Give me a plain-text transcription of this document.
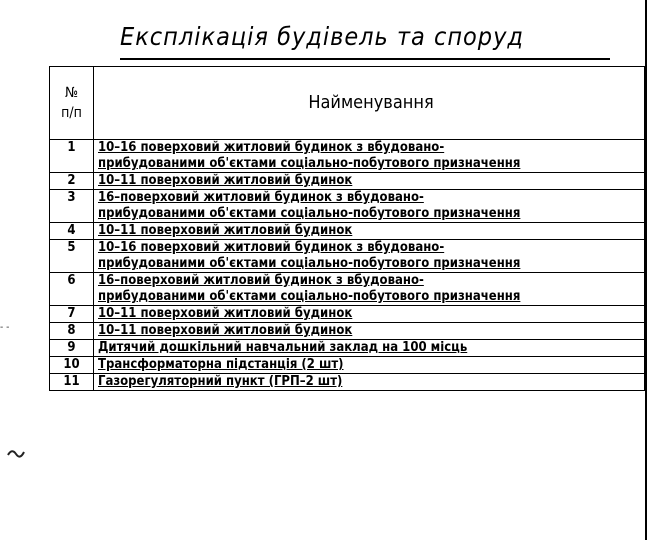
Експлікація будівель та споруд
- -
№
п/п	Найменування
1	10–16 поверховий житловий будинок з вбудовано-
прибудованими об'єктами соціально-побутового призначення

2	10–11 поверховий житловий будинок

3	16–поверховий житловий будинок з вбудовано-
прибудованими об'єктами соціально-побутового призначення

4	10–11 поверховий житловий будинок

5	10–16 поверховий житловий будинок з вбудовано-
прибудованими об'єктами соціально-побутового призначення

6	16–поверховий житловий будинок з вбудовано-
прибудованими об'єктами соціально-побутового призначення

7	10–11 поверховий житловий будинок

8	10–11 поверховий житловий будинок

9	Дитячий дошкільний навчальний заклад на 100 місць

10	Трансформаторна підстанція (2 шт)

11	Газорегуляторний пункт (ГРП–2 шт)
